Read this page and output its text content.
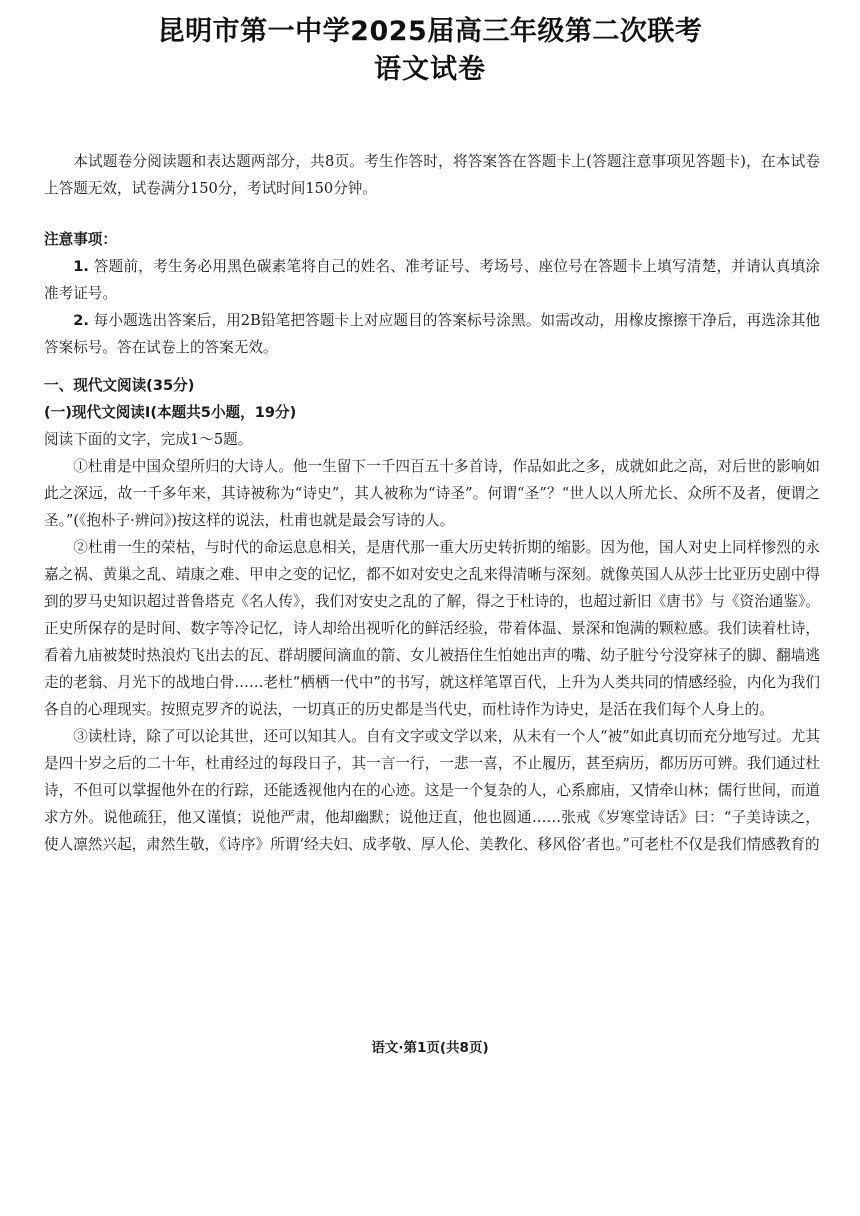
昆明市第一中学2025届高三年级第二次联考
语文试卷

本试题卷分阅读题和表达题两部分，共8页。考生作答时，将答案答在答题卡上(答题注意事项见答题卡)，在本试卷上答题无效，试卷满分150分，考试时间150分钟。

注意事项：

1. 答题前，考生务必用黑色碳素笔将自己的姓名、准考证号、考场号、座位号在答题卡上填写清楚，并请认真填涂准考证号。

2. 每小题选出答案后，用2B铅笔把答题卡上对应题目的答案标号涂黑。如需改动，用橡皮擦擦干净后，再选涂其他答案标号。答在试卷上的答案无效。

一、现代文阅读(35分)

(一)现代文阅读Ⅰ(本题共5小题，19分)

阅读下面的文字，完成1～5题。

①杜甫是中国众望所归的大诗人。他一生留下一千四百五十多首诗，作品如此之多，成就如此之高，对后世的影响如此之深远，故一千多年来，其诗被称为“诗史”，其人被称为“诗圣”。何谓“圣”？“世人以人所尤长、众所不及者，便谓之圣。”(《抱朴子·辨问》)按这样的说法，杜甫也就是最会写诗的人。

②杜甫一生的荣枯，与时代的命运息息相关，是唐代那一重大历史转折期的缩影。因为他，国人对史上同样惨烈的永嘉之祸、黄巢之乱、靖康之难、甲申之变的记忆，都不如对安史之乱来得清晰与深刻。就像英国人从莎士比亚历史剧中得到的罗马史知识超过普鲁塔克《名人传》，我们对安史之乱的了解，得之于杜诗的，也超过新旧《唐书》与《资治通鉴》。正史所保存的是时间、数字等冷记忆，诗人却给出视听化的鲜活经验，带着体温、景深和饱满的颗粒感。我们读着杜诗，看着九庙被焚时热浪灼飞出去的瓦、群胡腰间滴血的箭、女儿被捂住生怕她出声的嘴、幼子脏兮兮没穿袜子的脚、翻墙逃走的老翁、月光下的战地白骨……老杜“栖栖一代中”的书写，就这样笔罩百代，上升为人类共同的情感经验，内化为我们各自的心理现实。按照克罗齐的说法，一切真正的历史都是当代史，而杜诗作为诗史，是活在我们每个人身上的。

③读杜诗，除了可以论其世，还可以知其人。自有文字或文学以来，从未有一个人“被”如此真切而充分地写过。尤其是四十岁之后的二十年，杜甫经过的每段日子，其一言一行，一悲一喜，不止履历，甚至病历，都历历可辨。我们通过杜诗，不但可以掌握他外在的行踪，还能透视他内在的心迹。这是一个复杂的人，心系廊庙，又情牵山林；儒行世间，而道求方外。说他疏狂，他又谨慎；说他严肃，他却幽默；说他迂直，他也圆通……张戒《岁寒堂诗话》曰：“子美诗读之，使人凛然兴起，肃然生敬，《诗序》所谓‘经夫妇、成孝敬、厚人伦、美教化、移风俗’者也。”可老杜不仅是我们情感教育的

语文·第1页(共8页)
